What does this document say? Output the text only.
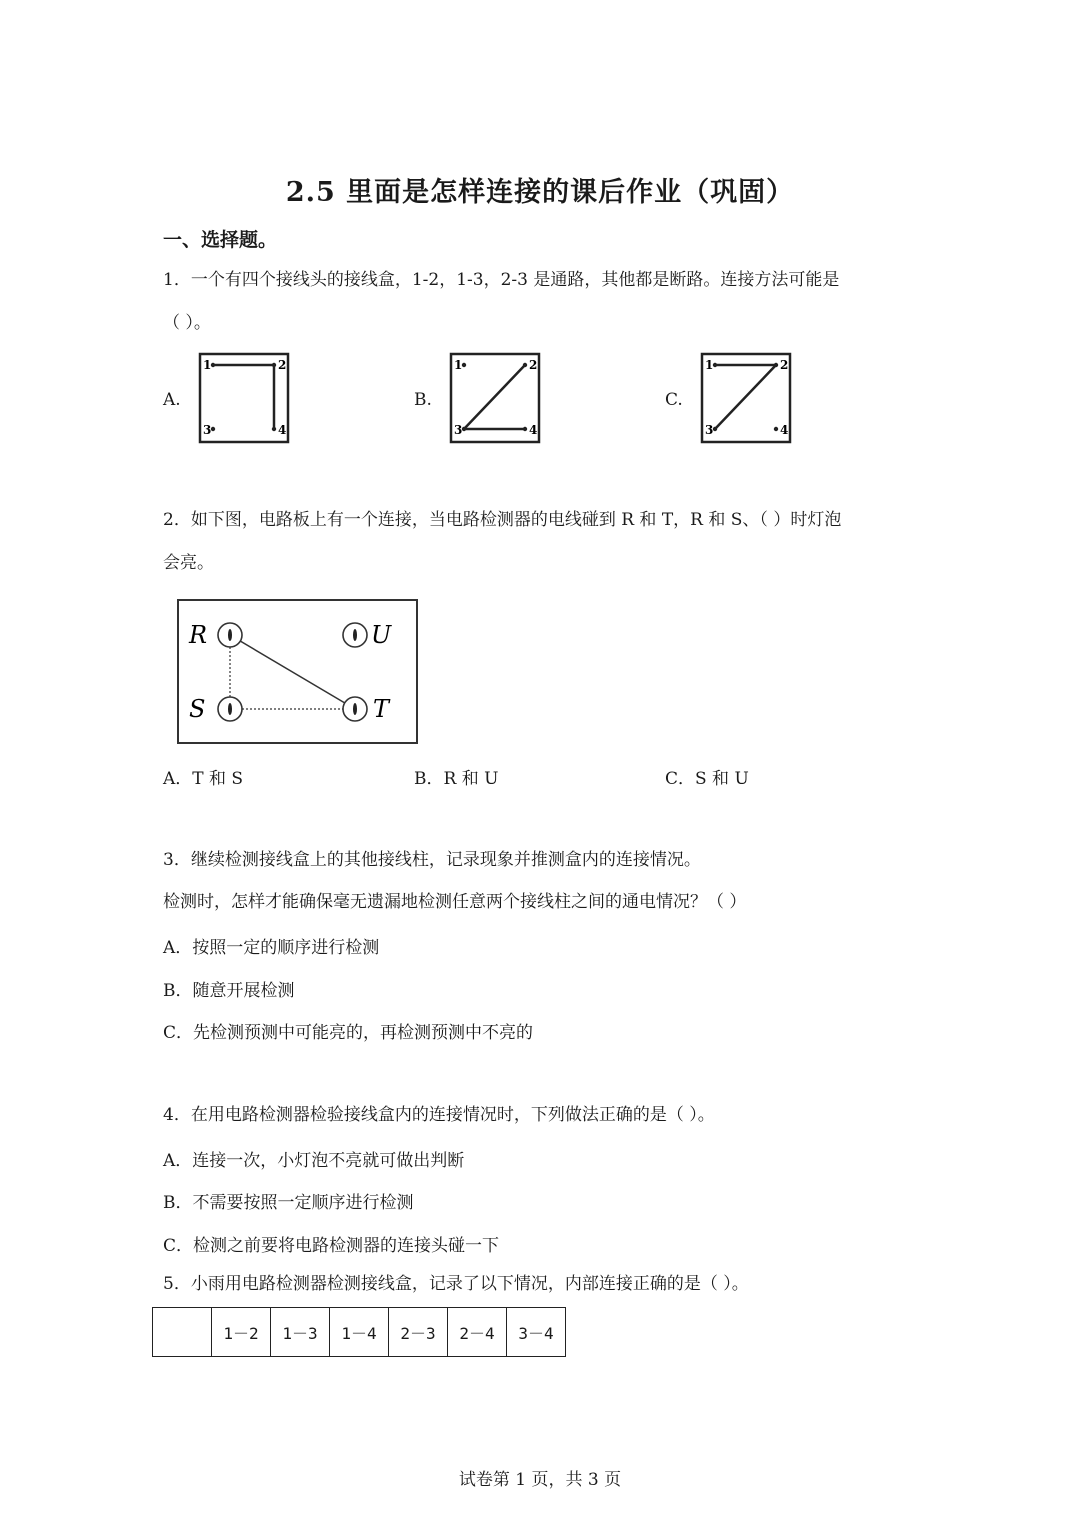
2.5 里面是怎样连接的课后作业（巩固）
一、选择题。
1．一个有四个接线头的接线盒，1-2，1-3，2-3 是通路，其他都是断路。连接方法可能是
（ ）。
A.	B.	C.
1	2
3	4
1	2
3	4
1	2
3	4
2．如下图，电路板上有一个连接，当电路检测器的电线碰到 R 和 T，R 和 S、（ ）时灯泡
会亮。
R	U
S	T
A．T 和 S	B．R 和 U	C．S 和 U
3．继续检测接线盒上的其他接线柱，记录现象并推测盒内的连接情况。
检测时，怎样才能确保毫无遗漏地检测任意两个接线柱之间的通电情况？（ ）
A．按照一定的顺序进行检测
B．随意开展检测
C．先检测预测中可能亮的，再检测预测中不亮的
4．在用电路检测器检验接线盒内的连接情况时，下列做法正确的是（ ）。
A．连接一次，小灯泡不亮就可做出判断
B．不需要按照一定顺序进行检测
C．检测之前要将电路检测器的连接头碰一下
5．小雨用电路检测器检测接线盒，记录了以下情况，内部连接正确的是（ ）。
	1－2	1－3	1－4	2－3	2－4	3－4
试卷第 1 页，共 3 页
